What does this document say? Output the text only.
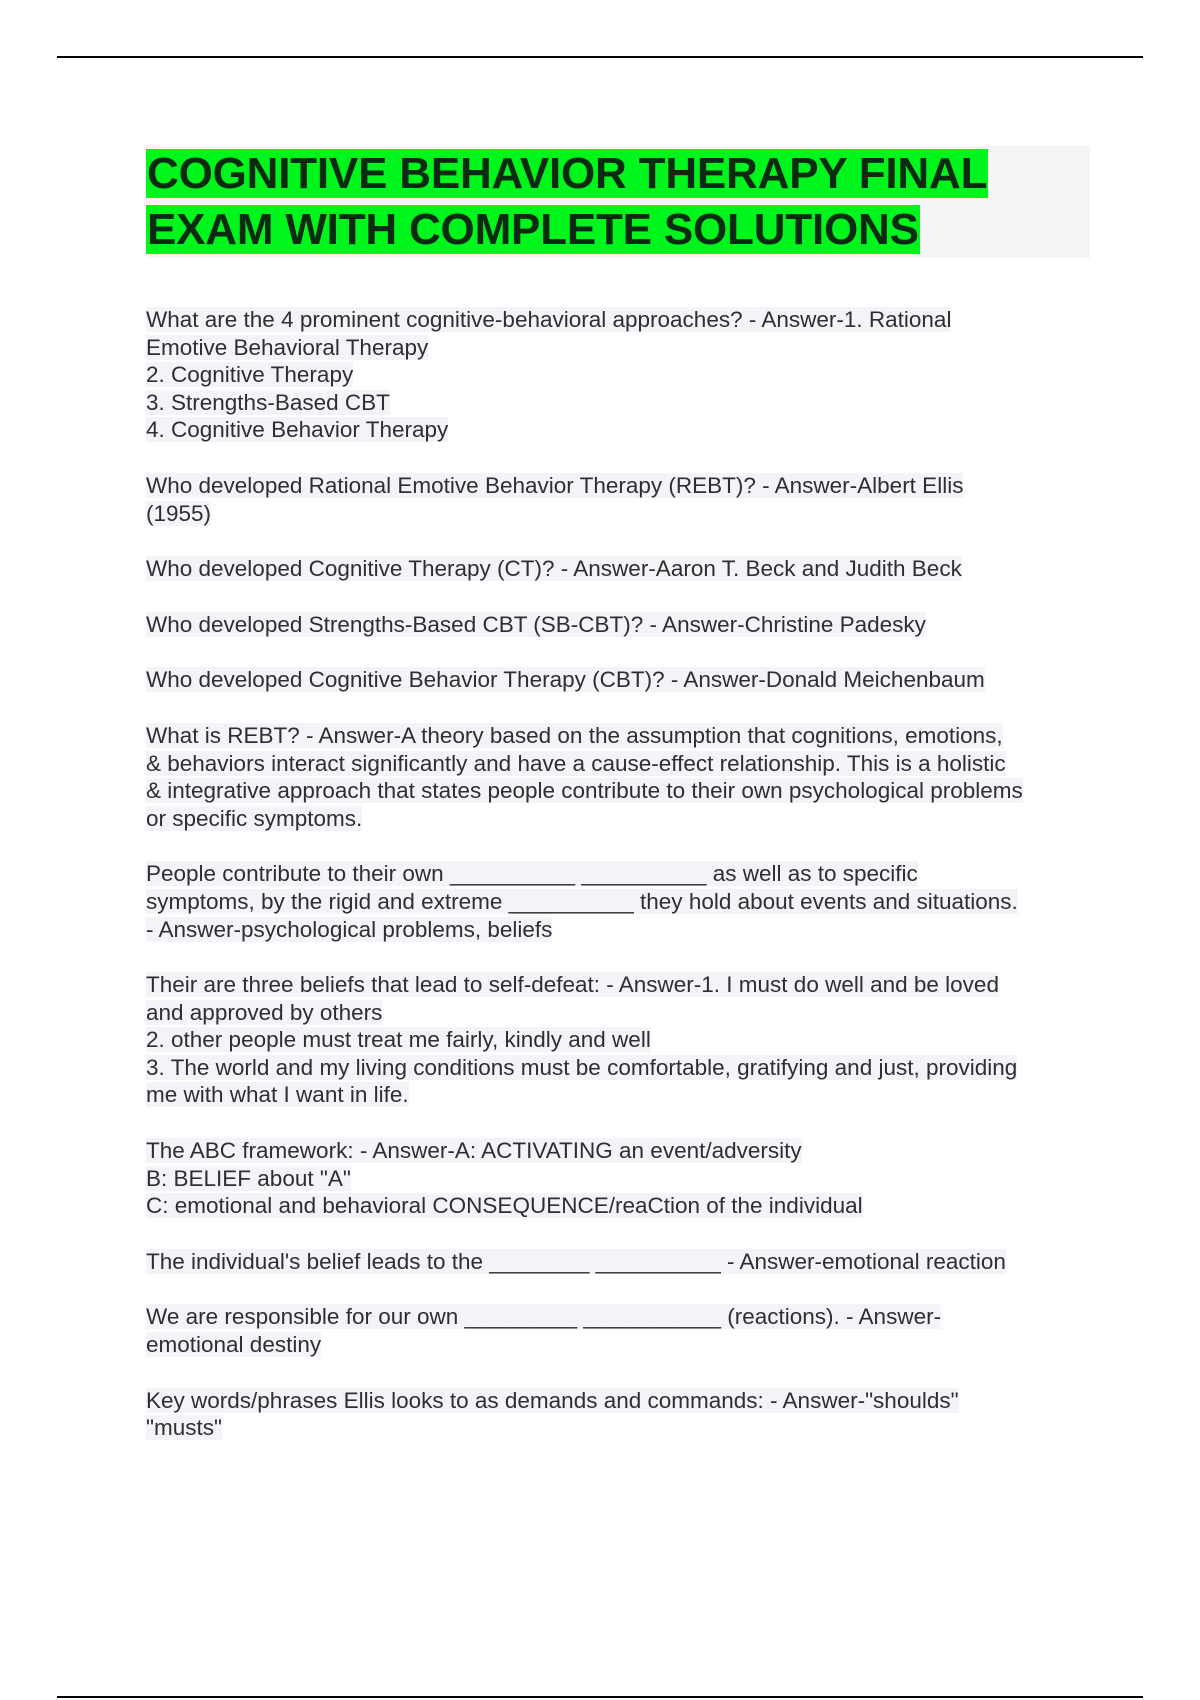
COGNITIVE BEHAVIOR THERAPY FINAL EXAM WITH COMPLETE SOLUTIONS

What are the 4 prominent cognitive-behavioral approaches? - Answer-1. Rational
Emotive Behavioral Therapy
2. Cognitive Therapy
3. Strengths-Based CBT
4. Cognitive Behavior Therapy

Who developed Rational Emotive Behavior Therapy (REBT)? - Answer-Albert Ellis
(1955)

Who developed Cognitive Therapy (CT)? - Answer-Aaron T. Beck and Judith Beck

Who developed Strengths-Based CBT (SB-CBT)? - Answer-Christine Padesky

Who developed Cognitive Behavior Therapy (CBT)? - Answer-Donald Meichenbaum

What is REBT? - Answer-A theory based on the assumption that cognitions, emotions,
& behaviors interact significantly and have a cause-effect relationship. This is a holistic
& integrative approach that states people contribute to their own psychological problems
or specific symptoms.

People contribute to their own __________ __________ as well as to specific
symptoms, by the rigid and extreme __________ they hold about events and situations.
- Answer-psychological problems, beliefs

Their are three beliefs that lead to self-defeat: - Answer-1. I must do well and be loved
and approved by others
2. other people must treat me fairly, kindly and well
3. The world and my living conditions must be comfortable, gratifying and just, providing
me with what I want in life.

The ABC framework: - Answer-A: ACTIVATING an event/adversity
B: BELIEF about "A"
C: emotional and behavioral CONSEQUENCE/reaCtion of the individual

The individual's belief leads to the ________ __________ - Answer-emotional reaction

We are responsible for our own _________ ___________ (reactions). - Answer-
emotional destiny

Key words/phrases Ellis looks to as demands and commands: - Answer-"shoulds"
"musts"
